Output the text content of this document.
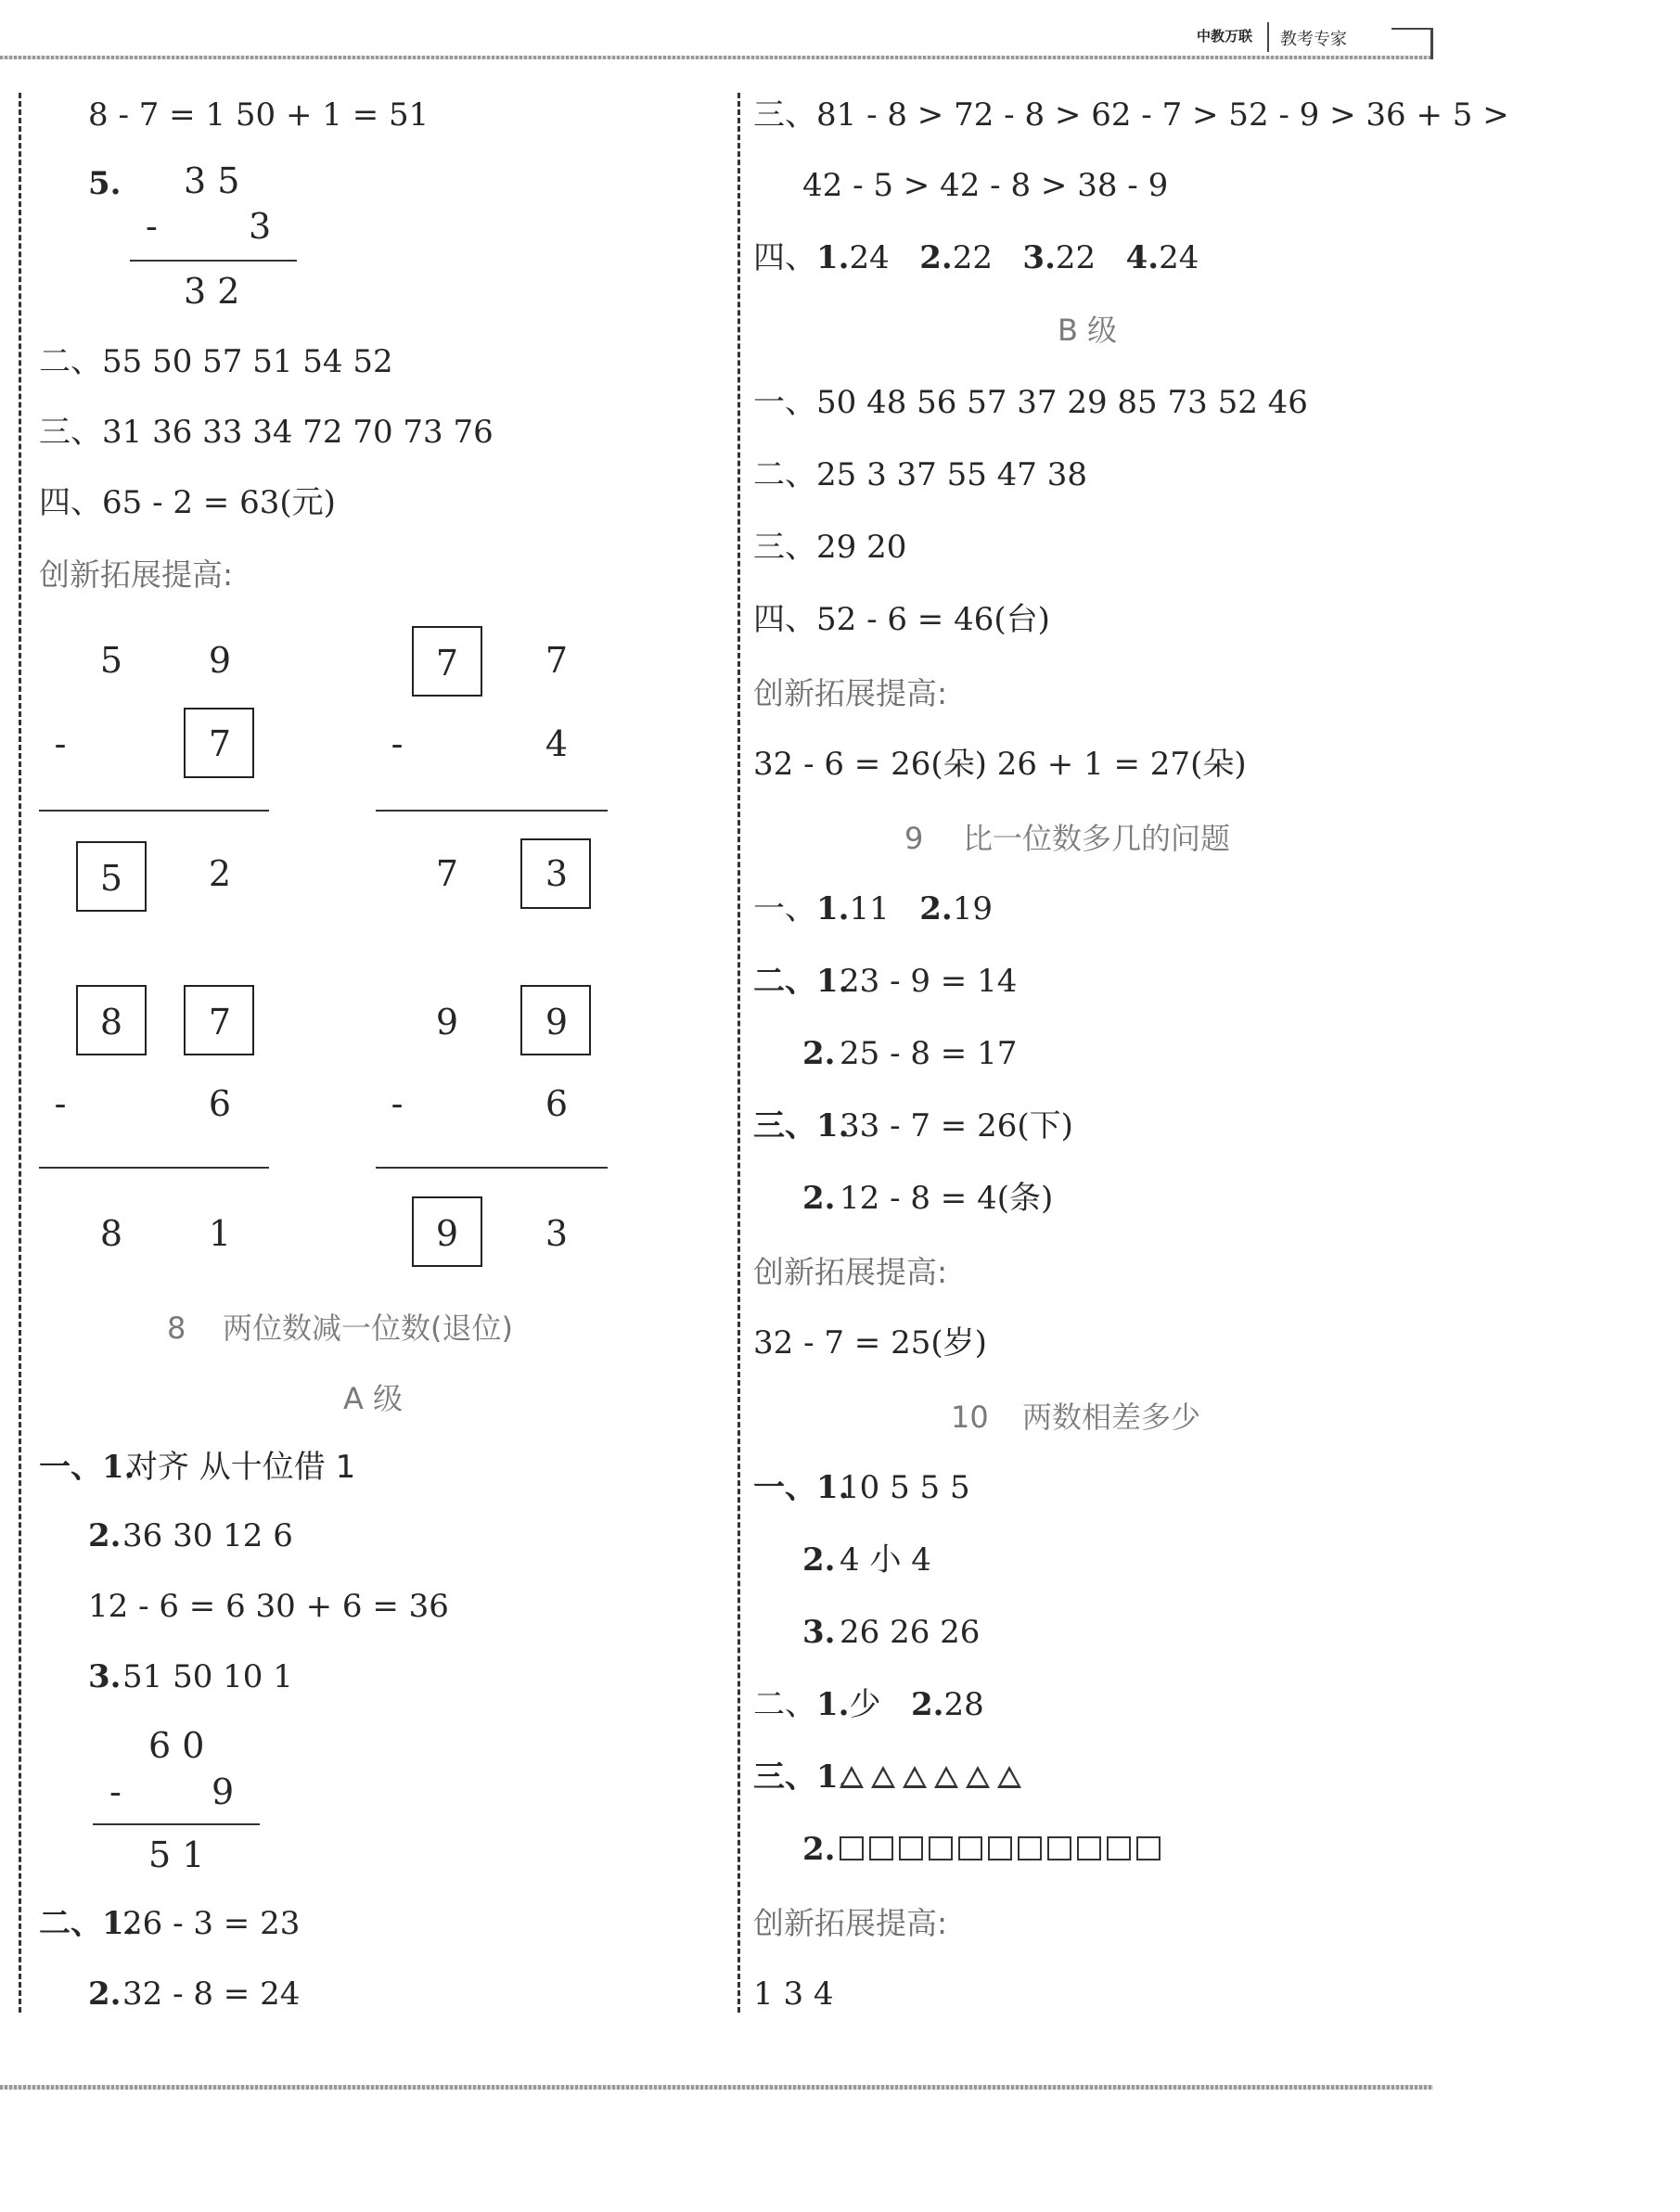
中教万联 教考专家
8 - 7 = 1 50 + 1 = 51
5. 3 5
-	3
3 2
二、55 50 57 51 54 52
三、31 36 33 34 72 70 73 76
四、65 - 2 = 63(元)
创新拓展提高:
5	9
-	7
5	2
7	7
-	4
7	3
8	7
-	6
8	1
9	9
-	6
9	3
8 两位数减一位数(退位)
A 级
一、1.
对齐 从十位借 1
2. 36 30 12 6
12 - 6 = 6 30 + 6 = 36
3. 51 50 10 1
6 0
-	9
5 1
二、1.
26 - 3 = 23
2. 32 - 8 = 24
三、81 - 8 > 72 - 8 > 62 - 7 > 52 - 9 > 36 + 5 >
42 - 5 > 42 - 8 > 38 - 9
四、1.24 2.22 3.22 4.24
B 级
一、50 48 56 57 37 29 85 73 52 46
二、25 3 37 55 47 38
三、29 20
四、52 - 6 = 46(台)
创新拓展提高:
32 - 6 = 26(朵) 26 + 1 = 27(朵)
9 比一位数多几的问题
一、1.11 2.19
二、1.
23 - 9 = 14
2. 25 - 8 = 17
三、1.
33 - 7 = 26(下)
2. 12 - 8 = 4(条)
创新拓展提高:
32 - 7 = 25(岁)
10 两数相差多少
一、1.
10 5 5 5
2. 4 小 4
3. 26 26 26
二、1.少 2.28
三、1.
2.
创新拓展提高:
1 3 4
